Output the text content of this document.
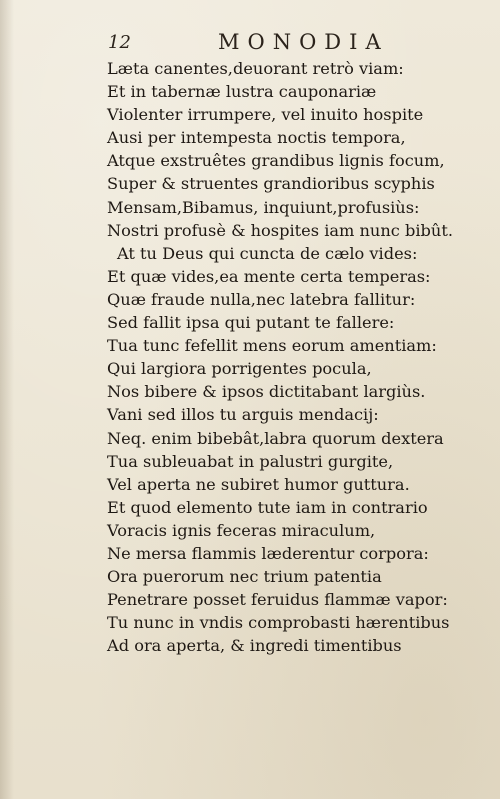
12	MONODIA
Læta canentes,deuorant retrò viam:
Et in tabernæ lustra cauponariæ
Violenter irrumpere, vel inuito hospite
Ausi per intempesta noctis tempora,
Atque exstruêtes grandibus lignis focum,
Super & struentes grandioribus scyphis
Mensam,Bibamus, inquiunt,profusiùs:
Nostri profusè & hospites iam nunc bibût.
At tu Deus qui cuncta de cælo vides:
Et quæ vides,ea mente certa temperas:
Quæ fraude nulla,nec latebra fallitur:
Sed fallit ipsa qui putant te fallere:
Tua tunc fefellit mens eorum amentiam:
Qui largiora porrigentes pocula,
Nos bibere & ipsos dictitabant largiùs.
Vani sed illos tu arguis mendacij:
Neq. enim bibebât,labra quorum dextera
Tua subleuabat in palustri gurgite,
Vel aperta ne subiret humor guttura.
Et quod elemento tute iam in contrario
Voracis ignis feceras miraculum,
Ne mersa flammis læderentur corpora:
Ora puerorum nec trium patentia
Penetrare posset feruidus flammæ vapor:
Tu nunc in vndis comprobasti hærentibus
Ad ora aperta, & ingredi timentibus
